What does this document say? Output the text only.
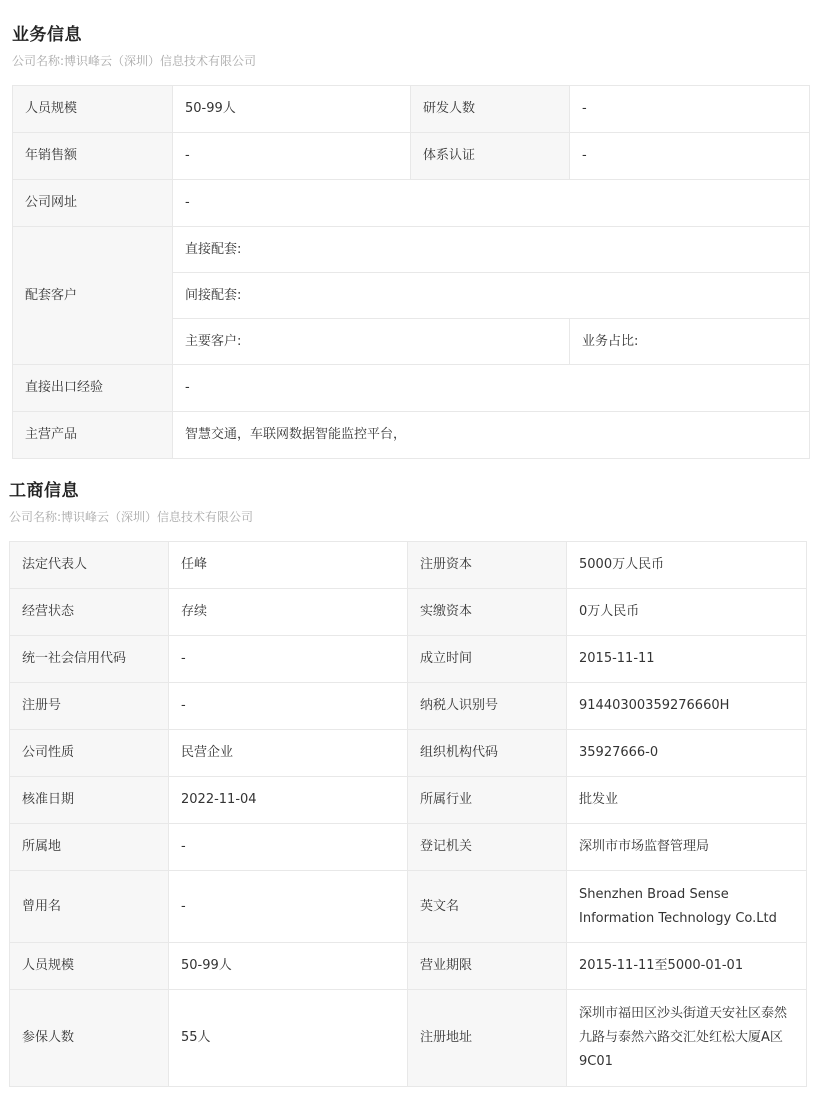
业务信息
公司名称:博识峰云（深圳）信息技术有限公司
人员规模	50-99人	研发人数	-
年销售额	-	体系认证	-
公司网址	-		
配套客户	直接配套:		
	间接配套:		
	主要客户:		业务占比:
直接出口经验	-		
主营产品	智慧交通，车联网数据智能监控平台，		
工商信息
公司名称:博识峰云（深圳）信息技术有限公司
法定代表人	任峰	注册资本	5000万人民币
经营状态	存续	实缴资本	0万人民币
统一社会信用代码	-	成立时间	2015-11-11
注册号	-	纳税人识别号	91440300359276660H
公司性质	民营企业	组织机构代码	35927666-0
核准日期	2022-11-04	所属行业	批发业
所属地	-	登记机关	深圳市市场监督管理局
曾用名	-	英文名	Shenzhen Broad Sense Information Technology Co.Ltd
人员规模	50-99人	营业期限	2015-11-11至5000-01-01
参保人数	55人	注册地址	深圳市福田区沙头街道天安社区泰然九路与泰然六路交汇处红松大厦A区9C01
